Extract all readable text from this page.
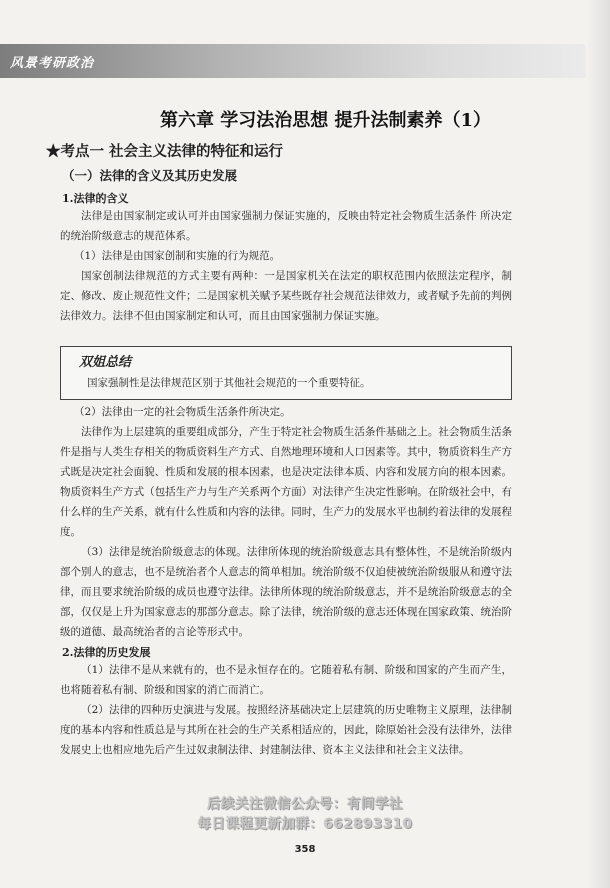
风景考研政治
第六章 学习法治思想 提升法制素养（1）
★考点一 社会主义法律的特征和运行
（一）法律的含义及其历史发展
1.法律的含义
法律是由国家制定或认可并由国家强制力保证实施的，反映由特定社会物质生活条件 所决定的统治阶级意志的规范体系。
（1）法律是由国家创制和实施的行为规范。
国家创制法律规范的方式主要有两种：一是国家机关在法定的职权范围内依照法定程序，制定、修改、废止规范性文件；二是国家机关赋予某些既存社会规范法律效力，或者赋予先前的判例法律效力。法律不但由国家制定和认可，而且由国家强制力保证实施。
双姐总结
国家强制性是法律规范区别于其他社会规范的一个重要特征。
（2）法律由一定的社会物质生活条件所决定。
法律作为上层建筑的重要组成部分，产生于特定社会物质生活条件基础之上。社会物质生活条件是指与人类生存相关的物质资料生产方式、自然地理环境和人口因素等。其中，物质资料生产方式既是决定社会面貌、性质和发展的根本因素，也是决定法律本质、内容和发展方向的根本因素。物质资料生产方式（包括生产力与生产关系两个方面）对法律产生决定性影响。在阶级社会中，有什么样的生产关系，就有什么性质和内容的法律。同时，生产力的发展水平也制约着法律的发展程度。
（3）法律是统治阶级意志的体现。法律所体现的统治阶级意志具有整体性，不是统治阶级内部个别人的意志，也不是统治者个人意志的简单相加。统治阶级不仅迫使被统治阶级服从和遵守法律，而且要求统治阶级的成员也遵守法律。法律所体现的统治阶级意志，并不是统治阶级意志的全部，仅仅是上升为国家意志的那部分意志。除了法律，统治阶级的意志还体现在国家政策、统治阶级的道德、最高统治者的言论等形式中。
2.法律的历史发展
（1）法律不是从来就有的，也不是永恒存在的。它随着私有制、阶级和国家的产生而产生，也将随着私有制、阶级和国家的消亡而消亡。
（2）法律的四种历史演进与发展。按照经济基础决定上层建筑的历史唯物主义原理，法律制度的基本内容和性质总是与其所在社会的生产关系相适应的，因此，除原始社会没有法律外，法律发展史上也相应地先后产生过奴隶制法律、封建制法律、资本主义法律和社会主义法律。
后续关注微信公众号：有间学社
每日课程更新加群：662893310
358
